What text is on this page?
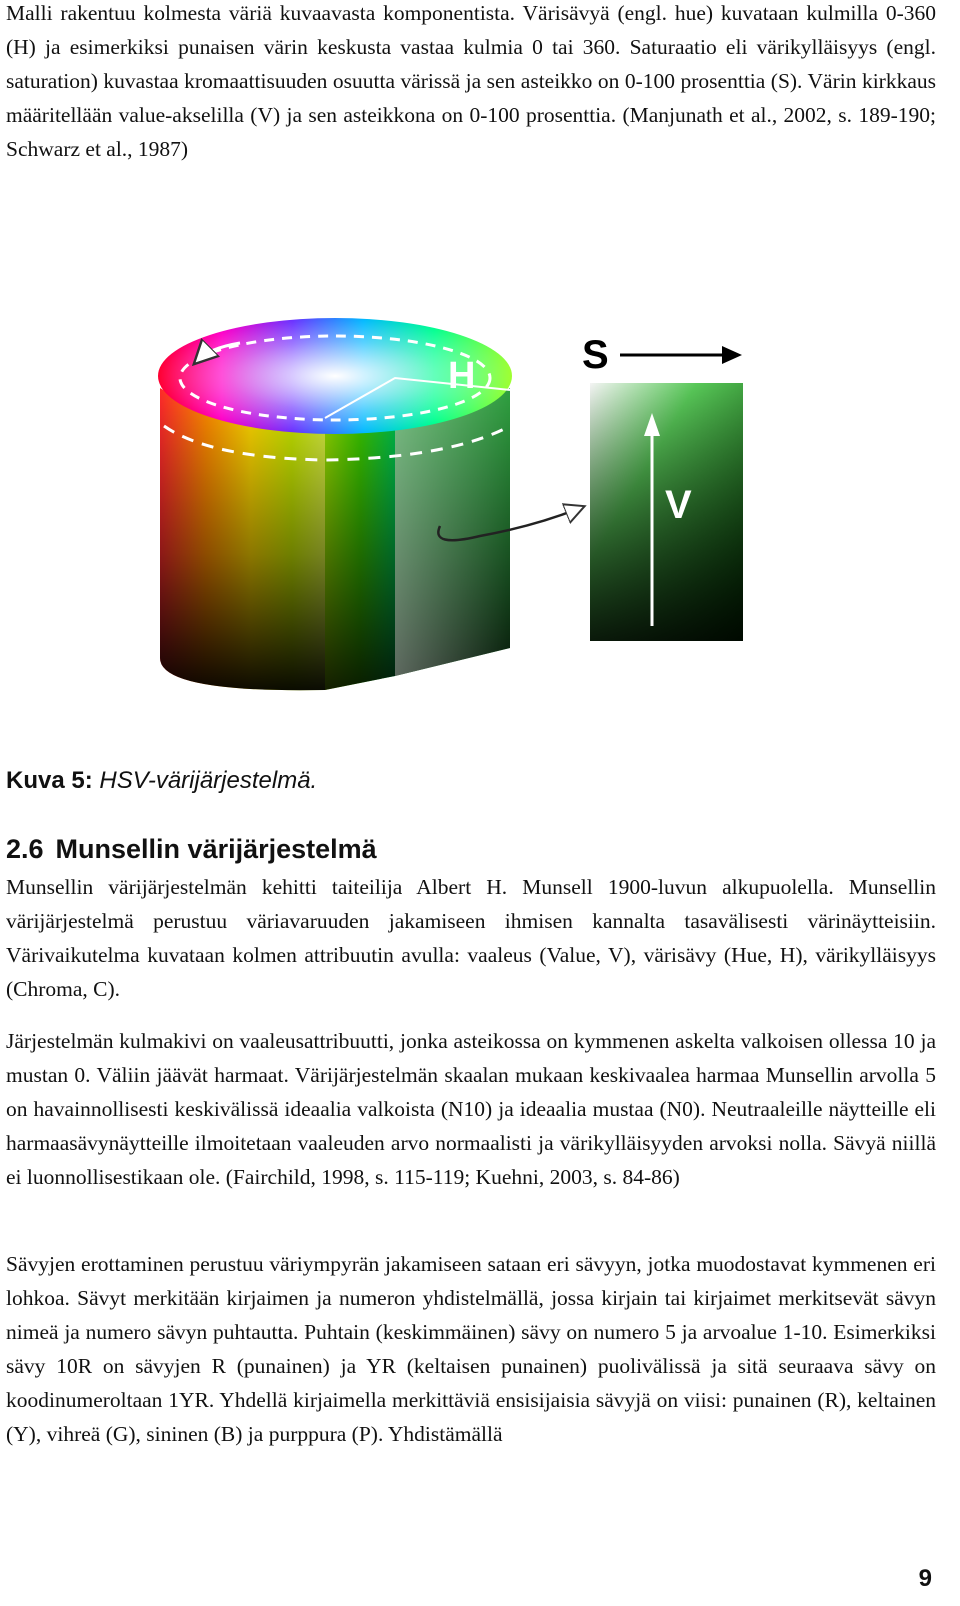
Malli rakentuu kolmesta väriä kuvaavasta komponentista. Värisävyä (engl. hue) kuvataan kulmilla 0-360 (H) ja esimerkiksi punaisen värin keskusta vastaa kulmia 0 tai 360. Saturaatio eli värikylläisyys (engl. saturation) kuvastaa kromaattisuuden osuutta värissä ja sen asteikko on 0-100 prosenttia (S). Värin kirkkaus määritellään value-akselilla (V) ja sen asteikkona on 0-100 prosenttia. (Manjunath et al., 2002, s. 189-190; Schwarz et al., 1987)

H	S
V

Kuva 5: HSV-värijärjestelmä.

2.6 Munsellin värijärjestelmä

Munsellin värijärjestelmän kehitti taiteilija Albert H. Munsell 1900-luvun alkupuolella. Munsellin värijärjestelmä perustuu väriavaruuden jakamiseen ihmisen kannalta tasavälisesti värinäytteisiin. Värivaikutelma kuvataan kolmen attribuutin avulla: vaaleus (Value, V), värisävy (Hue, H), värikylläisyys (Chroma, C).

Järjestelmän kulmakivi on vaaleusattribuutti, jonka asteikossa on kymmenen askelta valkoisen ollessa 10 ja mustan 0. Väliin jäävät harmaat. Värijärjestelmän skaalan mukaan keskivaalea harmaa Munsellin arvolla 5 on havainnollisesti keskivälissä ideaalia valkoista (N10) ja ideaalia mustaa (N0). Neutraaleille näytteille eli harmaasävynäytteille ilmoitetaan vaaleuden arvo normaalisti ja värikylläisyyden arvoksi nolla. Sävyä niillä ei luonnollisestikaan ole. (Fairchild, 1998, s. 115-119; Kuehni, 2003, s. 84-86)

Sävyjen erottaminen perustuu väriympyrän jakamiseen sataan eri sävyyn, jotka muodostavat kymmenen eri lohkoa. Sävyt merkitään kirjaimen ja numeron yhdistelmällä, jossa kirjain tai kirjaimet merkitsevät sävyn nimeä ja numero sävyn puhtautta. Puhtain (keskimmäinen) sävy on numero 5 ja arvoalue 1-10. Esimerkiksi sävy 10R on sävyjen R (punainen) ja YR (keltaisen punainen) puolivälissä ja sitä seuraava sävy on koodinumeroltaan 1YR. Yhdellä kirjaimella merkittäviä ensisijaisia sävyjä on viisi: punainen (R), keltainen (Y), vihreä (G), sininen (B) ja purppura (P). Yhdistämällä

9
